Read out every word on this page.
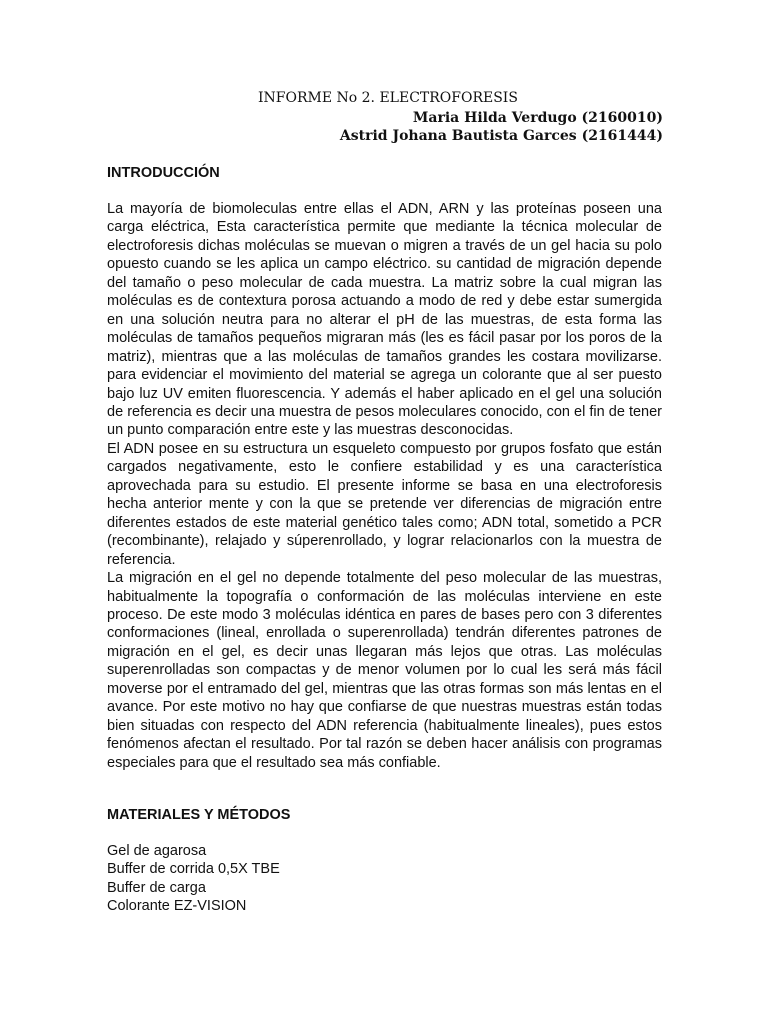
INFORME No 2. ELECTROFORESIS
Maria Hilda Verdugo (2160010)
Astrid Johana Bautista Garces (2161444)
INTRODUCCIÓN

La mayoría de biomoleculas entre ellas el ADN, ARN y las proteínas poseen una carga eléctrica, Esta característica permite que mediante la técnica molecular de electroforesis dichas moléculas se muevan o migren a través de un gel hacia su polo opuesto cuando se les aplica un campo eléctrico. su cantidad de migración depende del tamaño o peso molecular de cada muestra. La matriz sobre la cual migran las moléculas es de contextura porosa actuando a modo de red y debe estar sumergida en una solución neutra para no alterar el pH de las muestras, de esta forma las moléculas de tamaños pequeños migraran más (les es fácil pasar por los poros de la matriz), mientras que a las moléculas de tamaños grandes les costara movilizarse. para evidenciar el movimiento del material se agrega un colorante que al ser puesto bajo luz UV emiten fluorescencia. Y además el haber aplicado en el gel una solución de referencia es decir una muestra de pesos moleculares conocido, con el fin de tener un punto comparación entre este y las muestras desconocidas.

El ADN posee en su estructura un esqueleto compuesto por grupos fosfato que están cargados negativamente, esto le confiere estabilidad y es una característica aprovechada para su estudio. El presente informe se basa en una electroforesis hecha anterior mente y con la que se pretende ver diferencias de migración entre diferentes estados de este material genético tales como; ADN total, sometido a PCR (recombinante), relajado y súperenrollado, y lograr relacionarlos con la muestra de referencia.

La migración en el gel no depende totalmente del peso molecular de las muestras, habitualmente la topografía o conformación de las moléculas interviene en este proceso. De este modo 3 moléculas idéntica en pares de bases pero con 3 diferentes conformaciones (lineal, enrollada o superenrollada) tendrán diferentes patrones de migración en el gel, es decir unas llegaran más lejos que otras. Las moléculas superenrolladas son compactas y de menor volumen por lo cual les será más fácil moverse por el entramado del gel, mientras que las otras formas son más lentas en el avance. Por este motivo no hay que confiarse de que nuestras muestras están todas bien situadas con respecto del ADN referencia (habitualmente lineales), pues estos fenómenos afectan el resultado. Por tal razón se deben hacer análisis con programas especiales para que el resultado sea más confiable.

MATERIALES Y MÉTODOS
Gel de agarosa
Buffer de corrida 0,5X TBE
Buffer de carga
Colorante EZ-VISION
